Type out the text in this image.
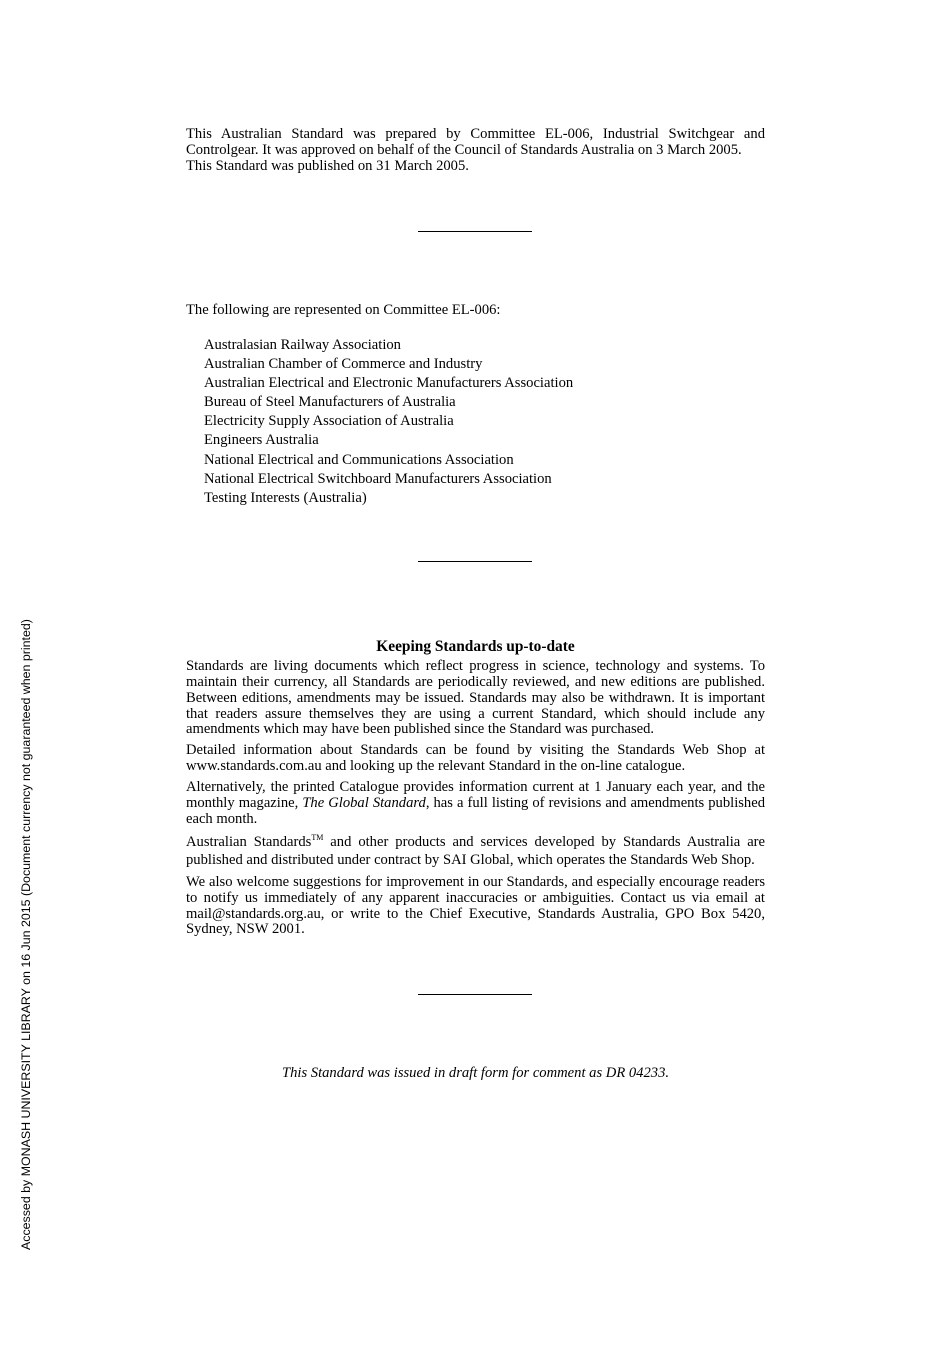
Accessed by MONASH UNIVERSITY LIBRARY on 16 Jun 2015 (Document currency not guaranteed when printed)

This Australian Standard was prepared by Committee EL-006, Industrial Switchgear and Controlgear. It was approved on behalf of the Council of Standards Australia on 3 March 2005.

This Standard was published on 31 March 2005.

The following are represented on Committee EL-006:

Australasian Railway Association
Australian Chamber of Commerce and Industry
Australian Electrical and Electronic Manufacturers Association
Bureau of Steel Manufacturers of Australia
Electricity Supply Association of Australia
Engineers Australia
National Electrical and Communications Association
National Electrical Switchboard Manufacturers Association
Testing Interests (Australia)
Keeping Standards up-to-date

Standards are living documents which reflect progress in science, technology and systems. To maintain their currency, all Standards are periodically reviewed, and new editions are published. Between editions, amendments may be issued. Standards may also be withdrawn. It is important that readers assure themselves they are using a current Standard, which should include any amendments which may have been published since the Standard was purchased.

Detailed information about Standards can be found by visiting the Standards Web Shop at www.standards.com.au and looking up the relevant Standard in the on-line catalogue.

Alternatively, the printed Catalogue provides information current at 1 January each year, and the monthly magazine, The Global Standard, has a full listing of revisions and amendments published each month.

Australian Standards™ and other products and services developed by Standards Australia are published and distributed under contract by SAI Global, which operates the Standards Web Shop.

We also welcome suggestions for improvement in our Standards, and especially encourage readers to notify us immediately of any apparent inaccuracies or ambiguities. Contact us via email at mail@standards.org.au, or write to the Chief Executive, Standards Australia, GPO Box 5420, Sydney, NSW 2001.

This Standard was issued in draft form for comment as DR 04233.
